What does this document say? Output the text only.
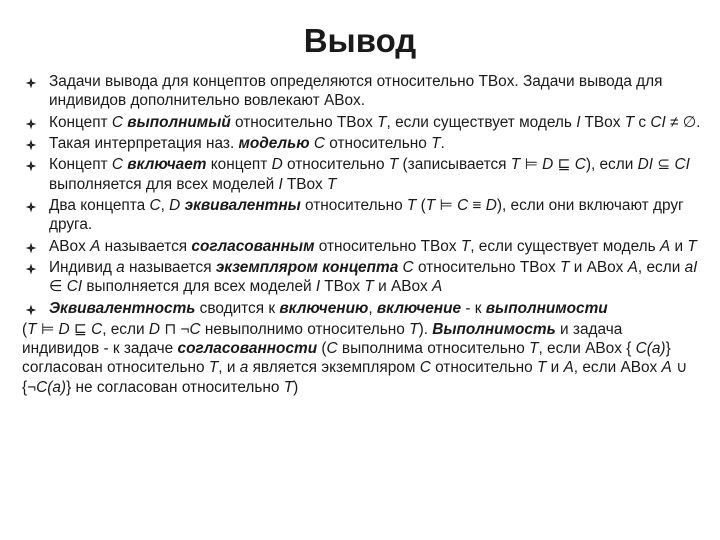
Вывод
Задачи вывода для концептов определяются относительно TBox. Задачи вывода для индивидов дополнительно вовлекают ABox.
Концепт C выполнимый относительно TBox T, если существует модель I TBox T с CI ≠ ∅.
Такая интерпретация наз. моделью C относительно T.
Концепт C включает концепт D относительно T (записывается T ⊨ D ⊑ C), если DI ⊆ CI выполняется для всех моделей I TBox T
Два концепта C, D эквивалентны относительно T (T ⊨ C ≡ D), если они включают друг друга.
ABox A называется согласованным относительно TBox T, если существует модель A и T
Индивид a называется экземпляром концепта C относительно TBox T и ABox A, если aI ∈ CI выполняется для всех моделей I TBox T и ABox A
Эквивалентность сводится к включению, включение - к выполнимости
(T ⊨ D ⊑ C, если D ⊓ ¬C невыполнимо относительно T). Выполнимость и задача индивидов - к задаче согласованности (C выполнима относительно T, если ABox { C(a)} согласован относительно T, и a является экземпляром C относительно T и A, если ABox A ∪ {¬C(a)} не согласован относительно T)
